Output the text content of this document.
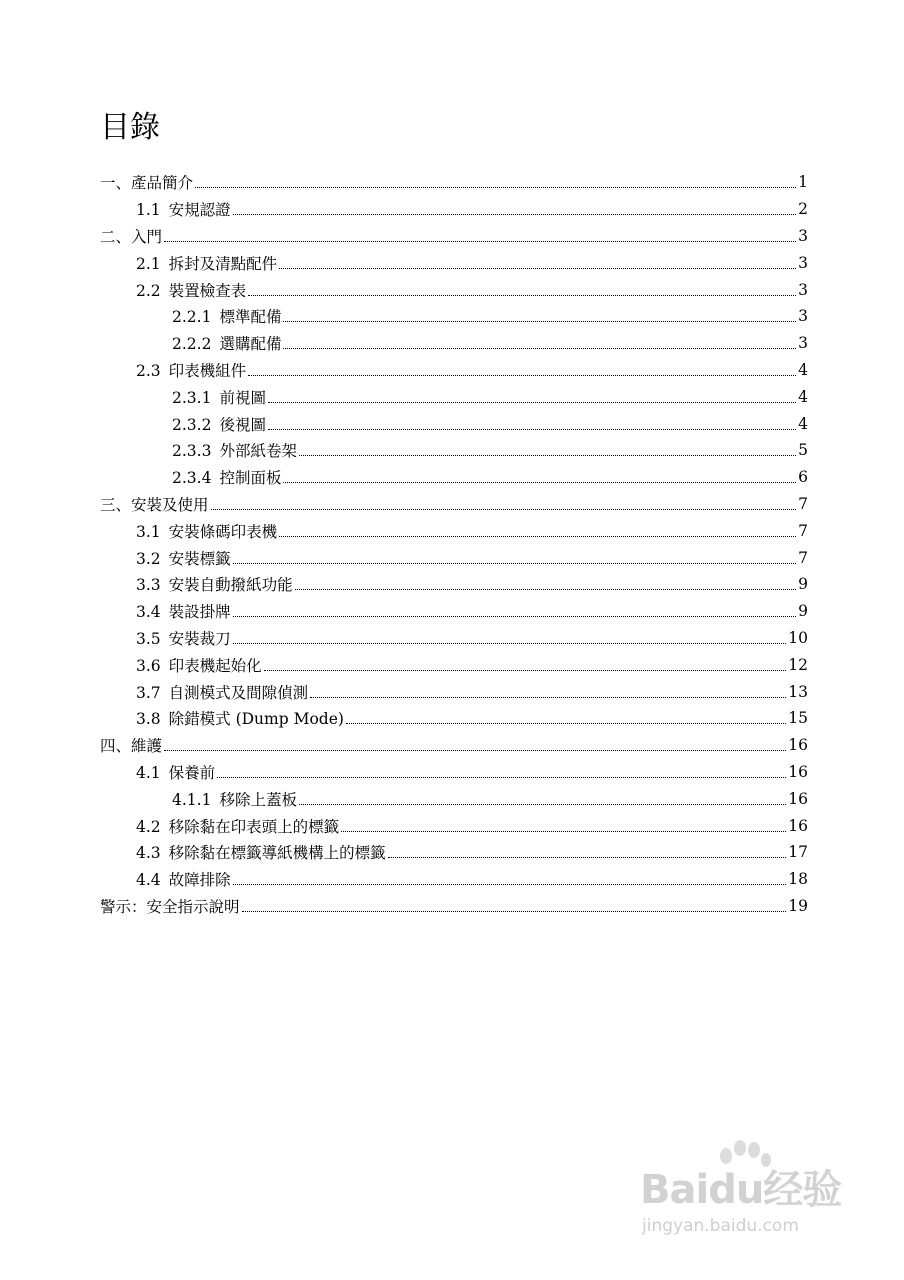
目錄
一、產品簡介	1
1.1 安規認證	2
二、入門	3
2.1 拆封及清點配件	3
2.2 裝置檢查表	3
2.2.1 標準配備	3
2.2.2 選購配備	3
2.3 印表機組件	4
2.3.1 前視圖	4
2.3.2 後視圖	4
2.3.3 外部紙卷架	5
2.3.4 控制面板	6
三、安裝及使用	7
3.1 安裝條碼印表機	7
3.2 安裝標籤	7
3.3 安裝自動撥紙功能	9
3.4 裝設掛牌	9
3.5 安裝裁刀	10
3.6 印表機起始化	12
3.7 自測模式及間隙偵測	13
3.8 除錯模式 (Dump Mode)	15
四、維護	16
4.1 保養前	16
4.1.1 移除上蓋板	16
4.2 移除黏在印表頭上的標籤	16
4.3 移除黏在標籤導紙機構上的標籤	17
4.4 故障排除	18
警示：安全指示說明	19
Baidu经验
jingyan.baidu.com
